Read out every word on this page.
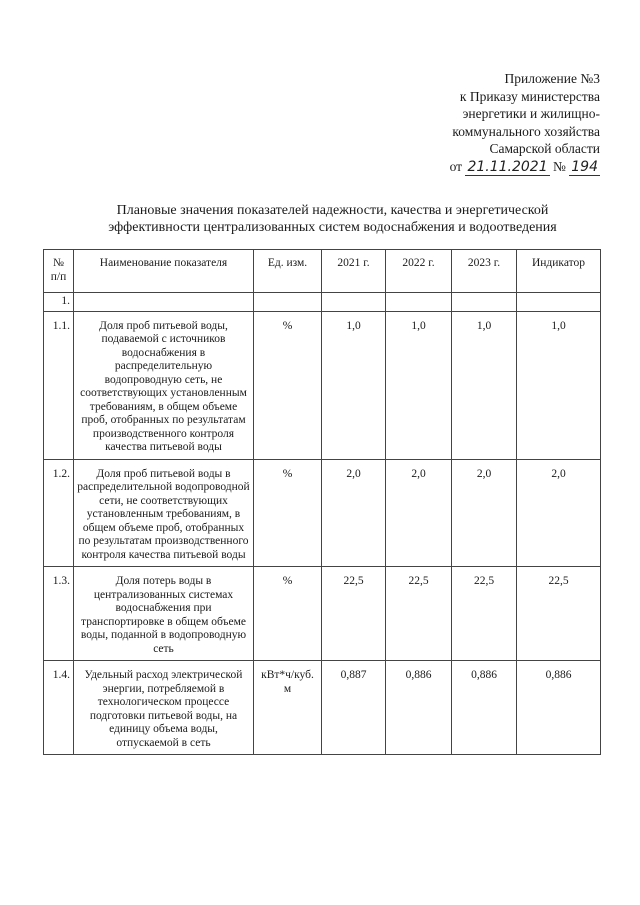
Приложение №3
к Приказу министерства
энергетики и жилищно-
коммунального хозяйства
Самарской области
от 21.11.2021 № 194
Плановые значения показателей надежности, качества и энергетической
эффективности централизованных систем водоснабжения и водоотведения
№ п/п	Наименование показателя	Ед. изм.	2021 г.	2022 г.	2023 г.	Индикатор
1.						
1.1.	Доля проб питьевой воды, подаваемой с источников водоснабжения в распределительную водопроводную сеть, не соответствующих установленным требованиям, в общем объеме проб, отобранных по результатам производственного контроля качества питьевой воды	%	1,0	1,0	1,0	1,0
1.2.	Доля проб питьевой воды в распределительной водопроводной сети, не соответствующих установленным требованиям, в общем объеме проб, отобранных по результатам производственного контроля качества питьевой воды	%	2,0	2,0	2,0	2,0
1.3.	Доля потерь воды в централизованных системах водоснабжения при транспортировке в общем объеме воды, поданной в водопроводную сеть	%	22,5	22,5	22,5	22,5
1.4.	Удельный расход электрической энергии, потребляемой в технологическом процессе подготовки питьевой воды, на единицу объема воды, отпускаемой в сеть	кВт*ч/куб. м	0,887	0,886	0,886	0,886
